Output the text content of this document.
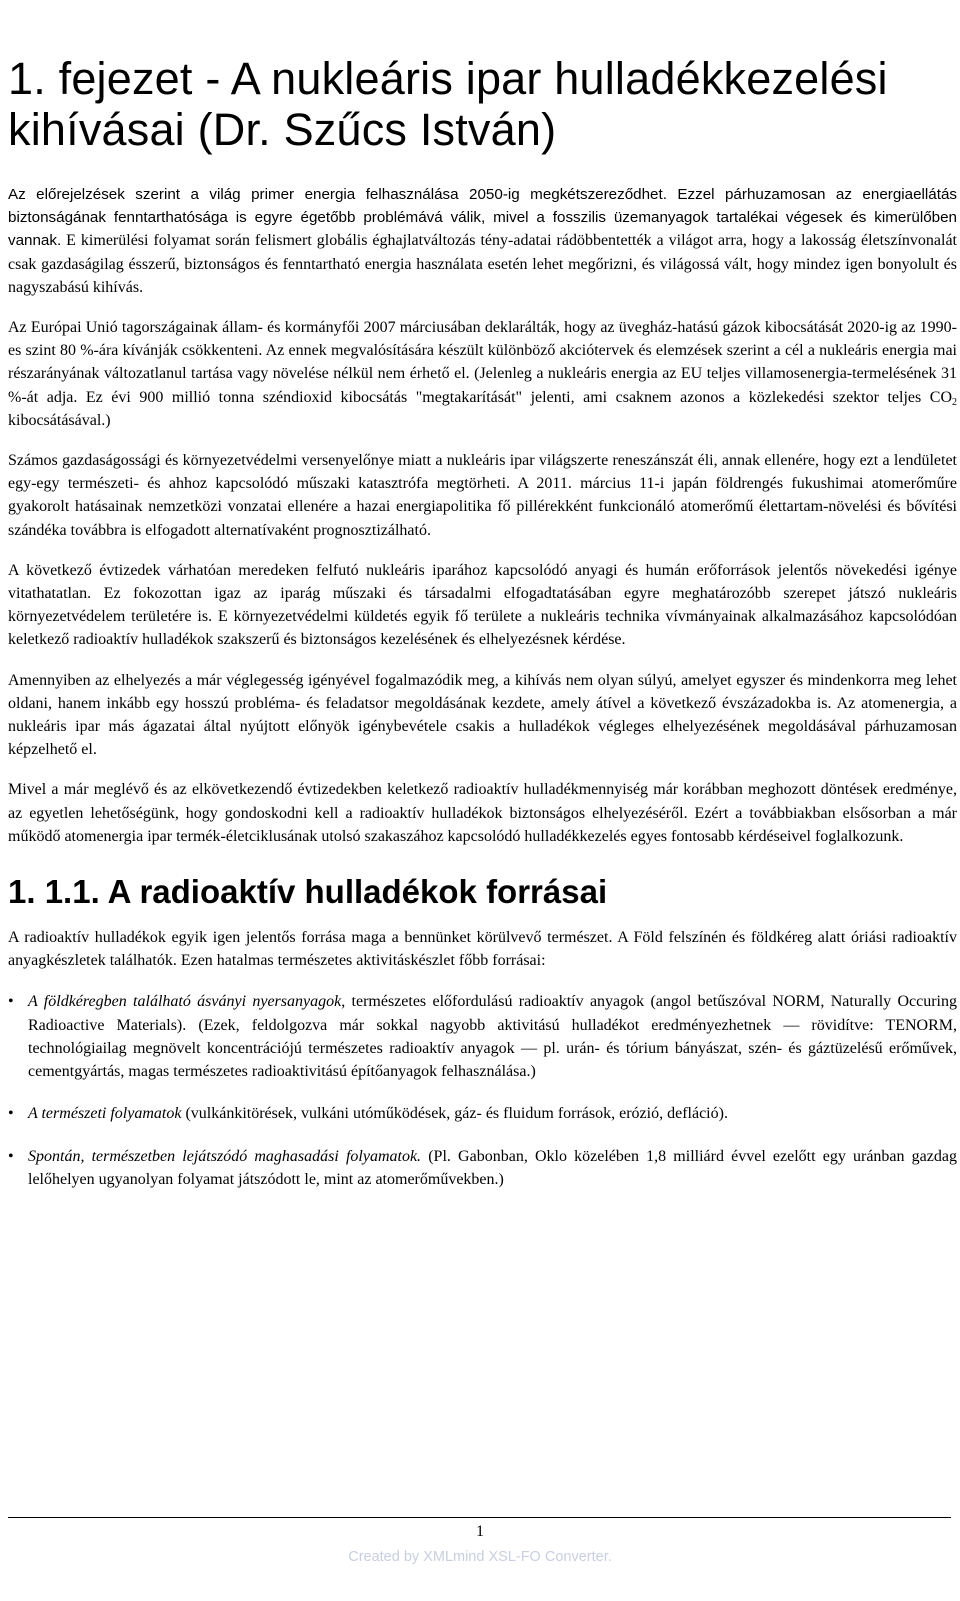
1. fejezet - A nukleáris ipar hulladékkezelési kihívásai (Dr. Szűcs István)

Az előrejelzések szerint a világ primer energia felhasználása 2050-ig megkétszereződhet. Ezzel párhuzamosan az energiaellátás biztonságának fenntarthatósága is egyre égetőbb problémává válik, mivel a fosszilis üzemanyagok tartalékai végesek és kimerülőben vannak. E kimerülési folyamat során felismert globális éghajlatváltozás tény-adatai rádöbbentették a világot arra, hogy a lakosság életszínvonalát csak gazdaságilag ésszerű, biztonságos és fenntartható energia használata esetén lehet megőrizni, és világossá vált, hogy mindez igen bonyolult és nagyszabású kihívás.

Az Európai Unió tagországainak állam- és kormányfői 2007 márciusában deklarálták, hogy az üvegház-hatású gázok kibocsátását 2020-ig az 1990-es szint 80 %-ára kívánják csökkenteni. Az ennek megvalósítására készült különböző akciótervek és elemzések szerint a cél a nukleáris energia mai részarányának változatlanul tartása vagy növelése nélkül nem érhető el. (Jelenleg a nukleáris energia az EU teljes villamosenergia-termelésének 31 %-át adja. Ez évi 900 millió tonna széndioxid kibocsátás "megtakarítását" jelenti, ami csaknem azonos a közlekedési szektor teljes $CO_2$ kibocsátásával.)

Számos gazdaságossági és környezetvédelmi versenyelőnye miatt a nukleáris ipar világszerte reneszánszát éli, annak ellenére, hogy ezt a lendületet egy-egy természeti- és ahhoz kapcsolódó műszaki katasztrófa megtörheti. A 2011. március 11-i japán földrengés fukushimai atomerőműre gyakorolt hatásainak nemzetközi vonzatai ellenére a hazai energiapolitika fő pillérekként funkcionáló atomerőmű élettartam-növelési és bővítési szándéka továbbra is elfogadott alternatívaként prognosztizálható.

A következő évtizedek várhatóan meredeken felfutó nukleáris iparához kapcsolódó anyagi és humán erőforrások jelentős növekedési igénye vitathatatlan. Ez fokozottan igaz az iparág műszaki és társadalmi elfogadtatásában egyre meghatározóbb szerepet játszó nukleáris környezetvédelem területére is. E környezetvédelmi küldetés egyik fő területe a nukleáris technika vívmányainak alkalmazásához kapcsolódóan keletkező radioaktív hulladékok szakszerű és biztonságos kezelésének és elhelyezésnek kérdése.

Amennyiben az elhelyezés a már véglegesség igényével fogalmazódik meg, a kihívás nem olyan súlyú, amelyet egyszer és mindenkorra meg lehet oldani, hanem inkább egy hosszú probléma- és feladatsor megoldásának kezdete, amely átível a következő évszázadokba is. Az atomenergia, a nukleáris ipar más ágazatai által nyújtott előnyök igénybevétele csakis a hulladékok végleges elhelyezésének megoldásával párhuzamosan képzelhető el.

Mivel a már meglévő és az elkövetkezendő évtizedekben keletkező radioaktív hulladékmennyiség már korábban meghozott döntések eredménye, az egyetlen lehetőségünk, hogy gondoskodni kell a radioaktív hulladékok biztonságos elhelyezéséről. Ezért a továbbiakban elsősorban a már működő atomenergia ipar termék-életciklusának utolsó szakaszához kapcsolódó hulladékkezelés egyes fontosabb kérdéseivel foglalkozunk.

1. 1.1. A radioaktív hulladékok forrásai

A radioaktív hulladékok egyik igen jelentős forrása maga a bennünket körülvevő természet. A Föld felszínén és földkéreg alatt óriási radioaktív anyagkészletek találhatók. Ezen hatalmas természetes aktivitáskészlet főbb forrásai:

• A földkéregben található ásványi nyersanyagok, természetes előfordulású radioaktív anyagok (angol betűszóval NORM, Naturally Occuring Radioactive Materials). (Ezek, feldolgozva már sokkal nagyobb aktivitású hulladékot eredményezhetnek — rövidítve: TENORM, technológiailag megnövelt koncentrációjú természetes radioaktív anyagok — pl. urán- és tórium bányászat, szén- és gáztüzelésű erőművek, cementgyártás, magas természetes radioaktivitású építőanyagok felhasználása.)
• A természeti folyamatok (vulkánkitörések, vulkáni utóműködések, gáz- és fluidum források, erózió, defláció).
• Spontán, természetben lejátszódó maghasadási folyamatok. (Pl. Gabonban, Oklo közelében 1,8 milliárd évvel ezelőtt egy uránban gazdag lelőhelyen ugyanolyan folyamat játszódott le, mint az atomerőművekben.)
1
Created by XMLmind XSL-FO Converter.
